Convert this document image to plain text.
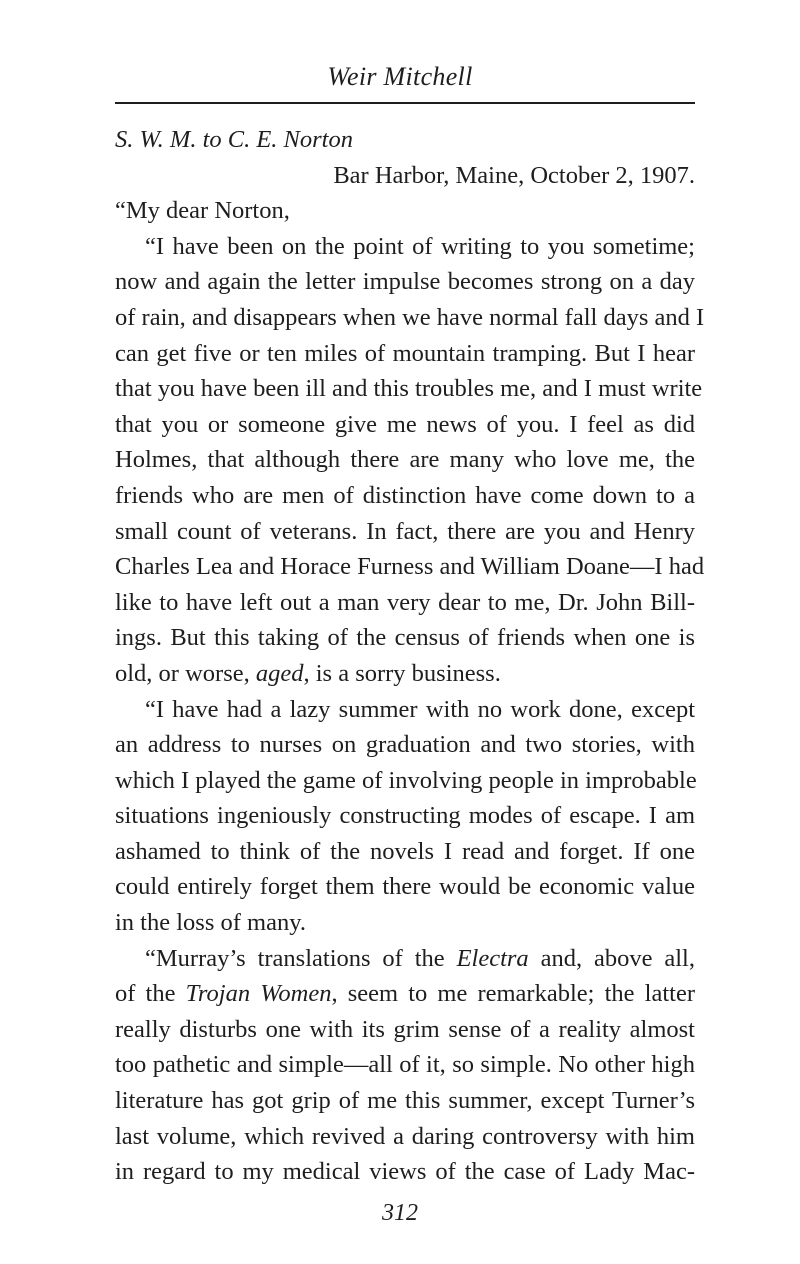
Weir Mitchell
S. W. M. to C. E. Norton
Bar Harbor, Maine, October 2, 1907.
“My dear Norton,
“I have been on the point of writing to you sometime;
now and again the letter impulse becomes strong on a day
of rain, and disappears when we have normal fall days and I
can get five or ten miles of mountain tramping. But I hear
that you have been ill and this troubles me, and I must write
that you or someone give me news of you. I feel as did
Holmes, that although there are many who love me, the
friends who are men of distinction have come down to a
small count of veterans. In fact, there are you and Henry
Charles Lea and Horace Furness and William Doane—I had
like to have left out a man very dear to me, Dr. John Bill-
ings. But this taking of the census of friends when one is
old, or worse, aged, is a sorry business.
“I have had a lazy summer with no work done, except
an address to nurses on graduation and two stories, with
which I played the game of involving people in improbable
situations ingeniously constructing modes of escape. I am
ashamed to think of the novels I read and forget. If one
could entirely forget them there would be economic value
in the loss of many.
“Murray’s translations of the Electra and, above all,
of the Trojan Women, seem to me remarkable; the latter
really disturbs one with its grim sense of a reality almost
too pathetic and simple—all of it, so simple. No other high
literature has got grip of me this summer, except Turner’s
last volume, which revived a daring controversy with him
in regard to my medical views of the case of Lady Mac-
312
